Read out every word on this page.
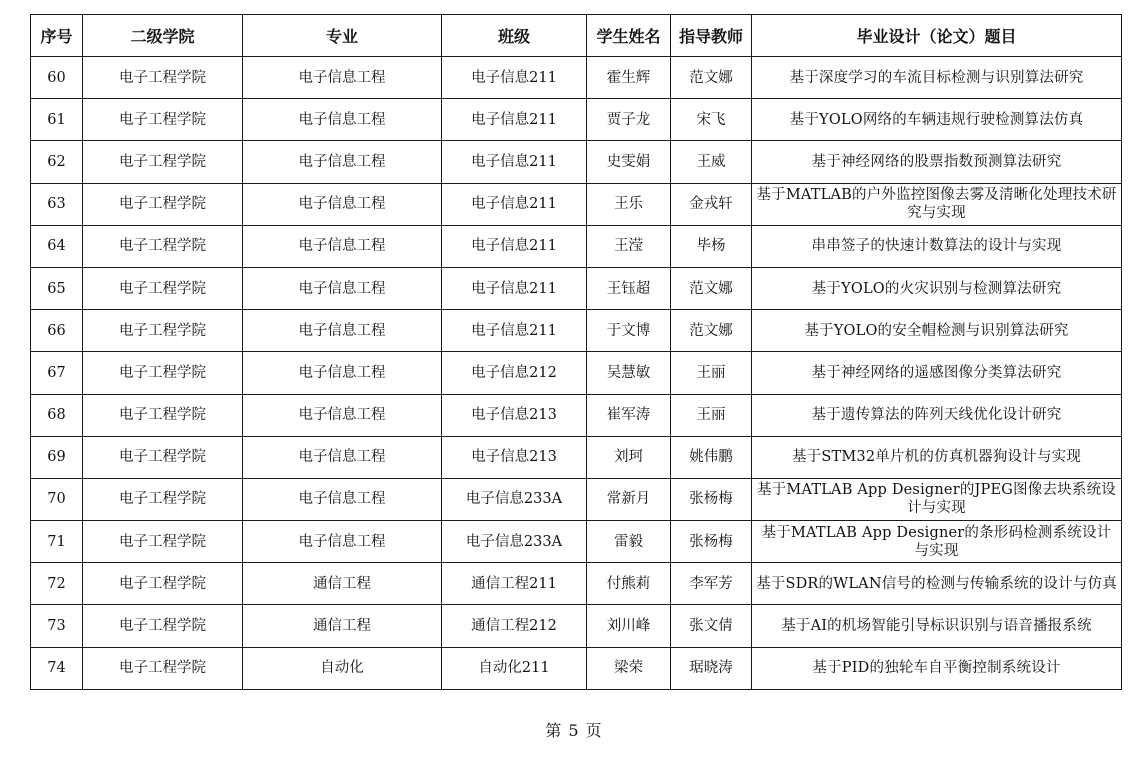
序号	二级学院	专业	班级	学生姓名	指导教师	毕业设计（论文）题目
60	电子工程学院	电子信息工程	电子信息211	霍生辉	范文娜	基于深度学习的车流目标检测与识别算法研究
61	电子工程学院	电子信息工程	电子信息211	贾子龙	宋飞	基于YOLO网络的车辆违规行驶检测算法仿真
62	电子工程学院	电子信息工程	电子信息211	史雯娟	王威	基于神经网络的股票指数预测算法研究
63	电子工程学院	电子信息工程	电子信息211	王乐	金戎轩	基于MATLAB的户外监控图像去雾及清晰化处理技术研究与实现
64	电子工程学院	电子信息工程	电子信息211	王滢	毕杨	串串签子的快速计数算法的设计与实现
65	电子工程学院	电子信息工程	电子信息211	王钰超	范文娜	基于YOLO的火灾识别与检测算法研究
66	电子工程学院	电子信息工程	电子信息211	于文博	范文娜	基于YOLO的安全帽检测与识别算法研究
67	电子工程学院	电子信息工程	电子信息212	吴慧敏	王丽	基于神经网络的遥感图像分类算法研究
68	电子工程学院	电子信息工程	电子信息213	崔军涛	王丽	基于遗传算法的阵列天线优化设计研究
69	电子工程学院	电子信息工程	电子信息213	刘珂	姚伟鹏	基于STM32单片机的仿真机器狗设计与实现
70	电子工程学院	电子信息工程	电子信息233A	常新月	张杨梅	基于MATLAB App Designer的JPEG图像去块系统设计与实现
71	电子工程学院	电子信息工程	电子信息233A	雷毅	张杨梅	基于MATLAB App Designer的条形码检测系统设计与实现
72	电子工程学院	通信工程	通信工程211	付熊莉	李军芳	基于SDR的WLAN信号的检测与传输系统的设计与仿真
73	电子工程学院	通信工程	通信工程212	刘川峰	张文倩	基于AI的机场智能引导标识识别与语音播报系统
74	电子工程学院	自动化	自动化211	梁荣	琚晓涛	基于PID的独轮车自平衡控制系统设计
第 5 页
